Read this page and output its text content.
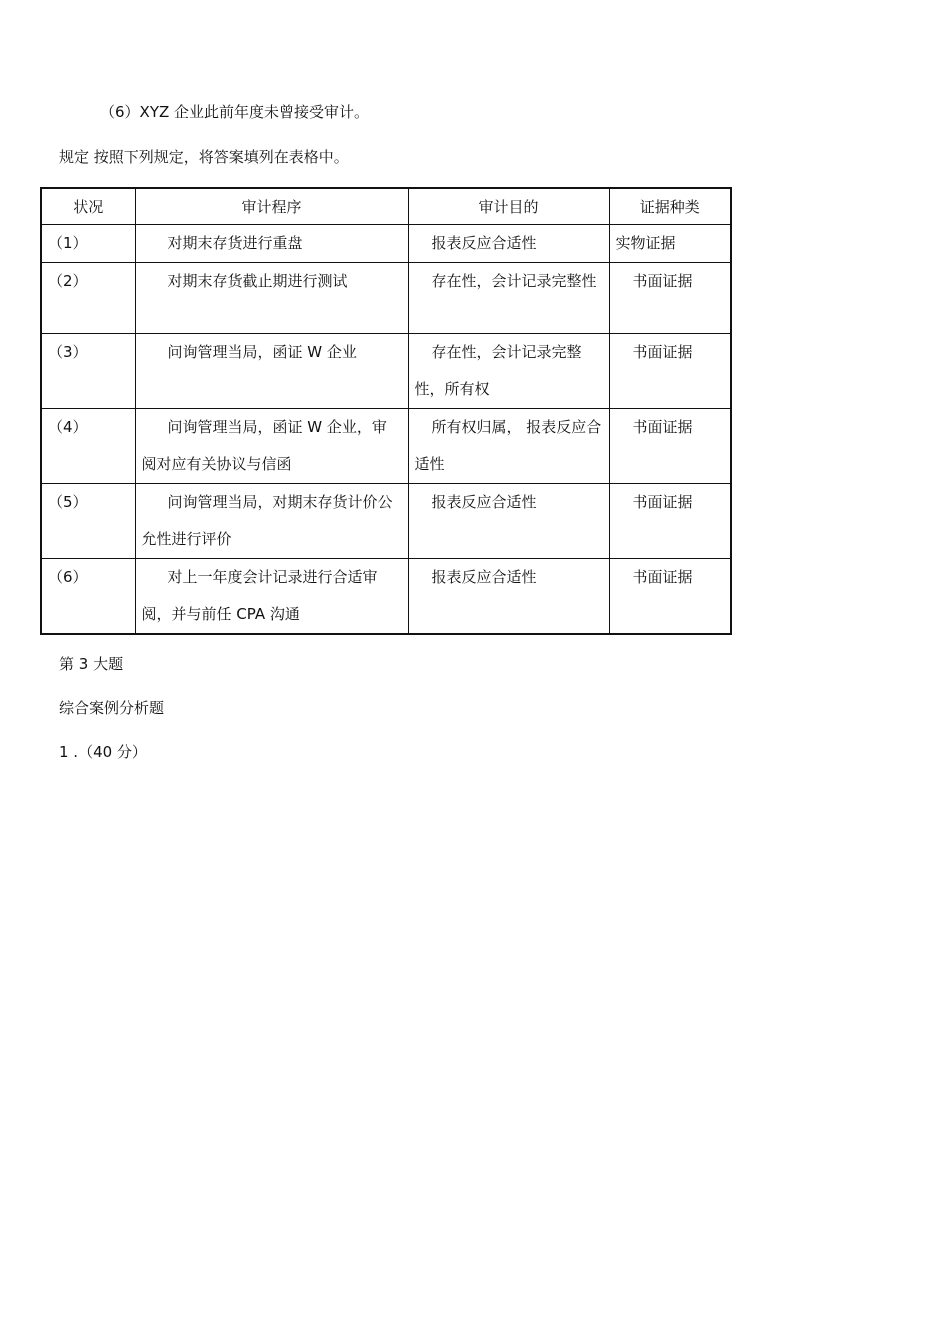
（6）XYZ 企业此前年度未曾接受审计。
规定 按照下列规定，将答案填列在表格中。
状况	审计程序	审计目的	证据种类
（1）	对期末存货进行重盘	报表反应合适性	实物证据
（2）	对期末存货截止期进行测试	存在性，会计记录完整性	书面证据
（3）	问询管理当局，函证 W 企业	存在性，会计记录完整性，所有权	书面证据
（4）	问询管理当局，函证 W 企业，审阅对应有关协议与信函	所有权归属， 报表反应合适性	书面证据
（5）	问询管理当局，对期末存货计价公允性进行评价	报表反应合适性	书面证据
（6）	对上一年度会计记录进行合适审阅，并与前任 CPA 沟通	报表反应合适性	书面证据
第 3 大题
综合案例分析题
1 .（40 分）
